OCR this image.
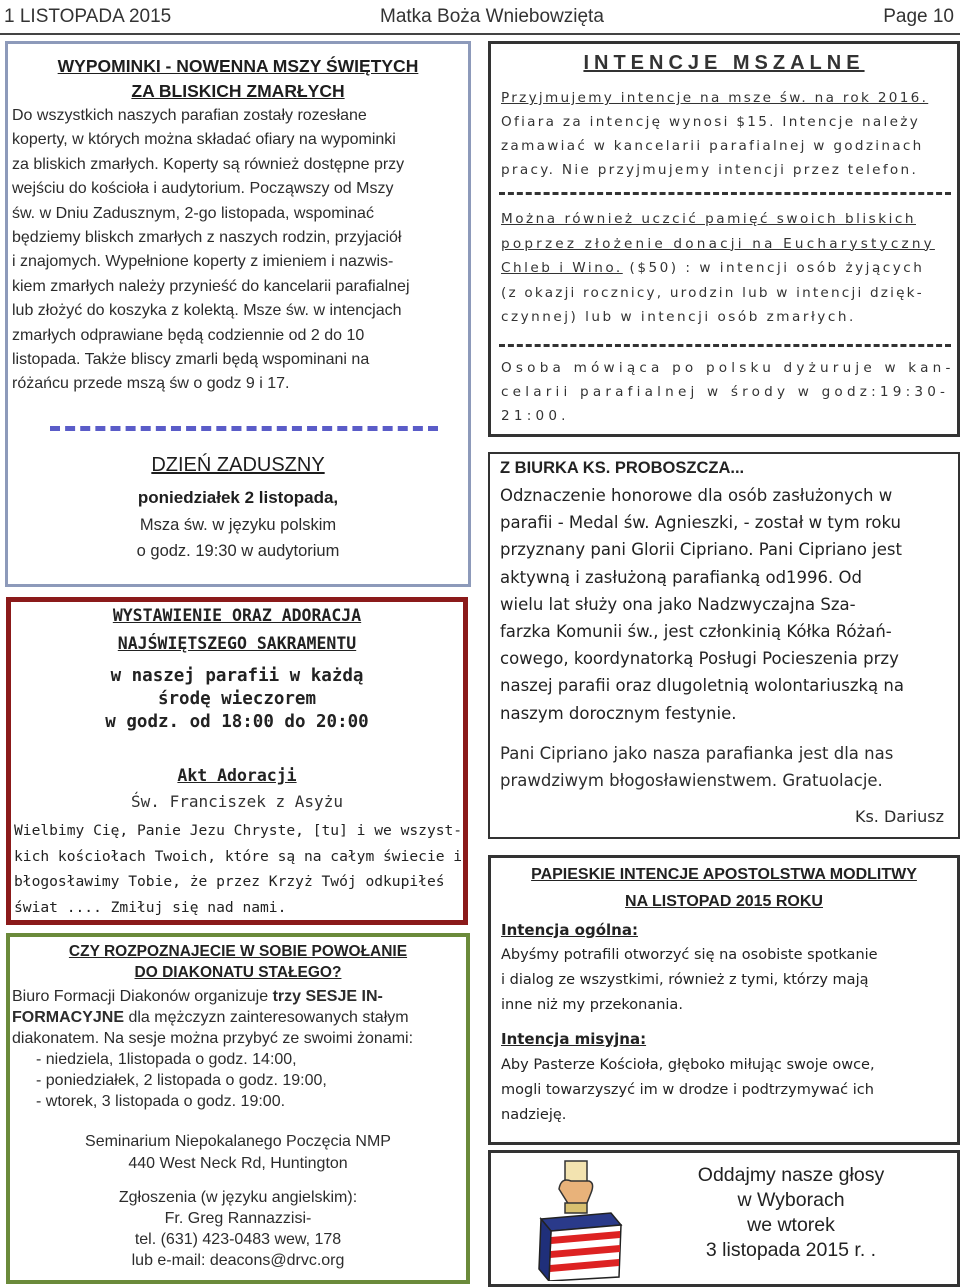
1 LISTOPADA 2015	Matka Boża Wniebowzięta	Page 10
WYPOMINKI - NOWENNA MSZY ŚWIĘTYCH
ZA BLISKICH ZMARŁYCH
Do wszystkich naszych parafian zostały rozesłane
koperty, w których można składać ofiary na wypominki
za bliskich zmarłych. Koperty są również dostępne przy
wejściu do kościoła i audytorium. Począwszy od Mszy
św. w Dniu Zadusznym, 2-go listopada, wspominać
będziemy bliskch zmarłych z naszych rodzin, przyjaciół
i znajomych. Wypełnione koperty z imieniem i nazwis-
kiem zmarłych należy przynieść do kancelarii parafialnej
lub złożyć do koszyka z kolektą. Msze św. w intencjach
zmarłych odprawiane będą codziennie od 2 do 10
listopada. Także bliscy zmarli będą wspominani na
różańcu przede mszą św o godz 9 i 17.
DZIEŃ ZADUSZNY
poniedziałek 2 listopada,
Msza św. w języku polskim
o godz. 19:30 w audytorium
WYSTAWIENIE ORAZ ADORACJA
NAJŚWIĘTSZEGO SAKRAMENTU
w naszej parafii w każdą
środę wieczorem
w godz. od 18:00 do 20:00
Akt Adoracji
Św. Franciszek z Asyżu
Wielbimy Cię, Panie Jezu Chryste, [tu] i we wszyst-
kich kościołach Twoich, które są na całym świecie i
błogosławimy Tobie, że przez Krzyż Twój odkupiłeś
świat .... Zmiłuj się nad nami.
CZY ROZPOZNAJECIE W SOBIE POWOŁANIE
DO DIAKONATU STAŁEGO?
Biuro Formacji Diakonów organizuje trzy SESJE IN-
FORMACYJNE dla mężczyzn zainteresowanych stałym
diakonatem. Na sesje można przybyć ze swoimi żonami:
- niedziela, 1listopada o godz. 14:00,
- poniedziałek, 2 listopada o godz. 19:00,
- wtorek, 3 listopada o godz. 19:00.
Seminarium Niepokalanego Poczęcia NMP
440 West Neck Rd, Huntington
Zgłoszenia (w języku angielskim):
Fr. Greg Rannazzisi-
tel. (631) 423-0483 wew, 178
lub e-mail: deacons@drvc.org
INTENCJE MSZALNE
Przyjmujemy intencje na msze św. na rok 2016.
Ofiara za intencję wynosi $15. Intencje należy
zamawiać w kancelarii parafialnej w godzinach
pracy. Nie przyjmujemy intencji przez telefon.
Można również uczcić pamięć swoich bliskich
poprzez złożenie donacji na Eucharystyczny
Chleb i Wino. ($50) : w intencji osób żyjących
(z okazji rocznicy, urodzin lub w intencji dzięk-
czynnej) lub w intencji osób zmarłych.
Osoba mówiąca po polsku dyżuruje w kan-
celarii parafialnej w środy w godz:19:30-
21:00.
Z BIURKA KS. PROBOSZCZA...
Odznaczenie honorowe dla osób zasłużonych w
parafii - Medal św. Agnieszki, - został w tym roku
przyznany pani Glorii Cipriano. Pani Cipriano jest
aktywną i zasłużoną parafianką od1996. Od
wielu lat służy ona jako Nadzwyczajna Sza-
farzka Komunii św., jest członkinią Kółka Różań-
cowego, koordynatorką Posługi Pocieszenia przy
naszej parafii oraz dlugoletnią wolontariuszką na
naszym dorocznym festynie.
Pani Cipriano jako nasza parafianka jest dla nas
prawdziwym błogosławienstwem. Gratuolacje.
Ks. Dariusz
PAPIESKIE INTENCJE APOSTOLSTWA MODLITWY
NA LISTOPAD 2015 ROKU
Intencja ogólna:
Abyśmy potrafili otworzyć się na osobiste spotkanie
i dialog ze wszystkimi, również z tymi, którzy mają
inne niż my przekonania.
Intencja misyjna:
Aby Pasterze Kościoła, głęboko miłując swoje owce,
mogli towarzyszyć im w drodze i podtrzymywać ich
nadzieję.
Oddajmy nasze głosy
w Wyborach
we wtorek
3 listopada 2015 r. .
